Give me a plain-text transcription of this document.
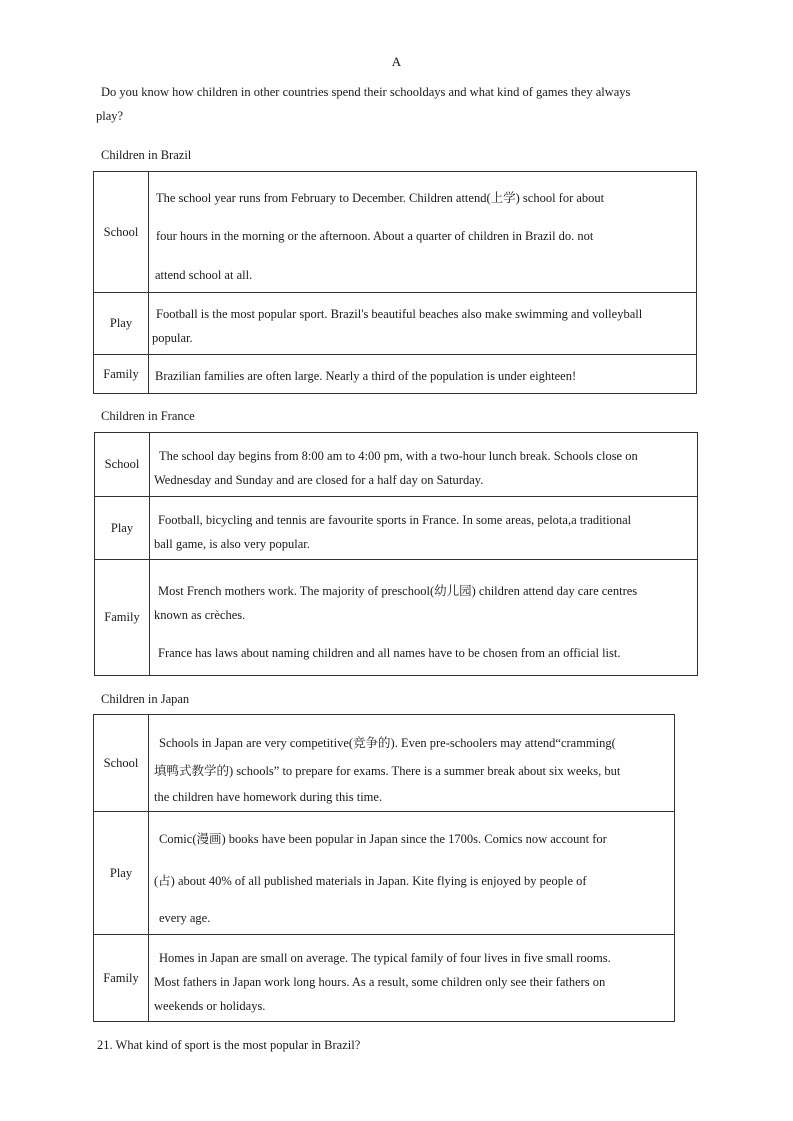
A
Do you know how children in other countries spend their schooldays and what kind of games they always
play?
Children in Brazil
School	The school year runs from February to December. Children attend(上学) school for about
four hours in the morning or the afternoon. About a quarter of children in Brazil do. not
attend school at all.

Play	Football is the most popular sport. Brazil's beautiful beaches also make swimming and volleyball
popular.

Family	Brazilian families are often large. Nearly a third of the population is under eighteen!
Children in France
School	The school day begins from 8:00 am to 4:00 pm, with a two-hour lunch break. Schools close on
Wednesday and Sunday and are closed for a half day on Saturday.

Play	Football, bicycling and tennis are favourite sports in France. In some areas, pelota,a traditional
ball game, is also very popular.

Family	Most French mothers work. The majority of preschool(幼儿园) children attend day care centres
known as crèches.
France has laws about naming children and all names have to be chosen from an official list.
Children in Japan
School	Schools in Japan are very competitive(竞争的). Even pre-schoolers may attend“cramming(
填鸭式教学的) schools” to prepare for exams. There is a summer break about six weeks, but
the children have homework during this time.

Play	Comic(漫画) books have been popular in Japan since the 1700s. Comics now account for
(占) about 40% of all published materials in Japan. Kite flying is enjoyed by people of
every age.

Family	Homes in Japan are small on average. The typical family of four lives in five small rooms.
Most fathers in Japan work long hours. As a result, some children only see their fathers on
weekends or holidays.
21. What kind of sport is the most popular in Brazil?
